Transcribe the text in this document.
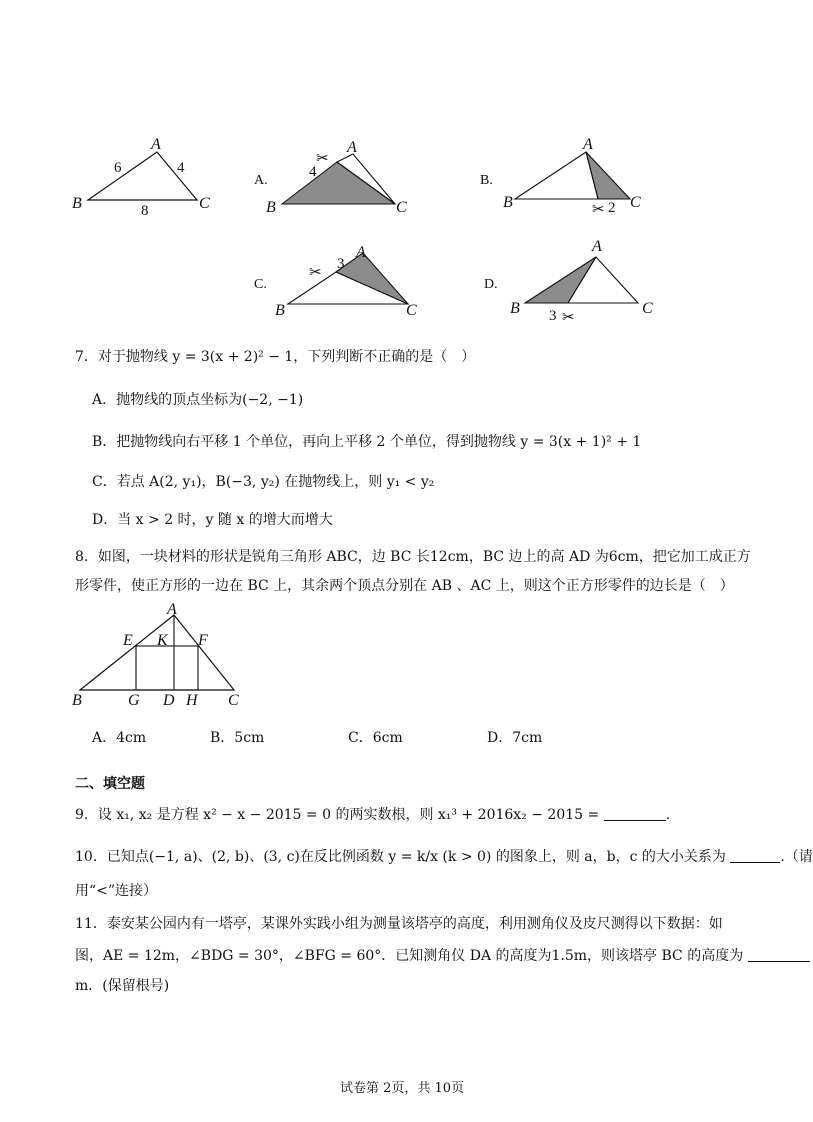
A
B	C
6	4
8
A.
✂
A
B	C
4
B.
✂
A
B	C
2
C.
✂
A
B	C
3
D.
✂
A
B	C
3
7．对于抛物线 y = 3(x + 2)² − 1，下列判断不正确的是（　）
A．抛物线的顶点坐标为(−2, −1)
B．把抛物线向右平移 1 个单位，再向上平移 2 个单位，得到抛物线 y = 3(x + 1)² + 1
C．若点 A(2, y₁)，B(−3, y₂) 在抛物线上，则 y₁ < y₂
D．当 x > 2 时，y 随 x 的增大而增大
8．如图，一块材料的形状是锐角三角形 ABC，边 BC 长12cm，BC 边上的高 AD 为6cm，把它加工成正方
形零件，使正方形的一边在 BC 上，其余两个顶点分别在 AB 、AC 上，则这个正方形零件的边长是（　）
A
E K F
B	G D H C
A．4cm	B．5cm	C．6cm	D．7cm
二、填空题
9．设 x₁, x₂ 是方程 x² − x − 2015 = 0 的两实数根，则 x₁³ + 2016x₂ − 2015 =	.
10．已知点(−1, a)、(2, b)、(3, c)在反比例函数 y = k/x (k > 0) 的图象上，则 a，b，c 的大小关系为	.（请
用“<”连接）
11．泰安某公园内有一塔亭，某课外实践小组为测量该塔亭的高度，利用测角仪及皮尺测得以下数据：如
图，AE = 12m，∠BDG = 30°，∠BFG = 60°．已知测角仪 DA 的高度为1.5m，则该塔亭 BC 的高度为
m．(保留根号)
试卷第 2页，共 10页
